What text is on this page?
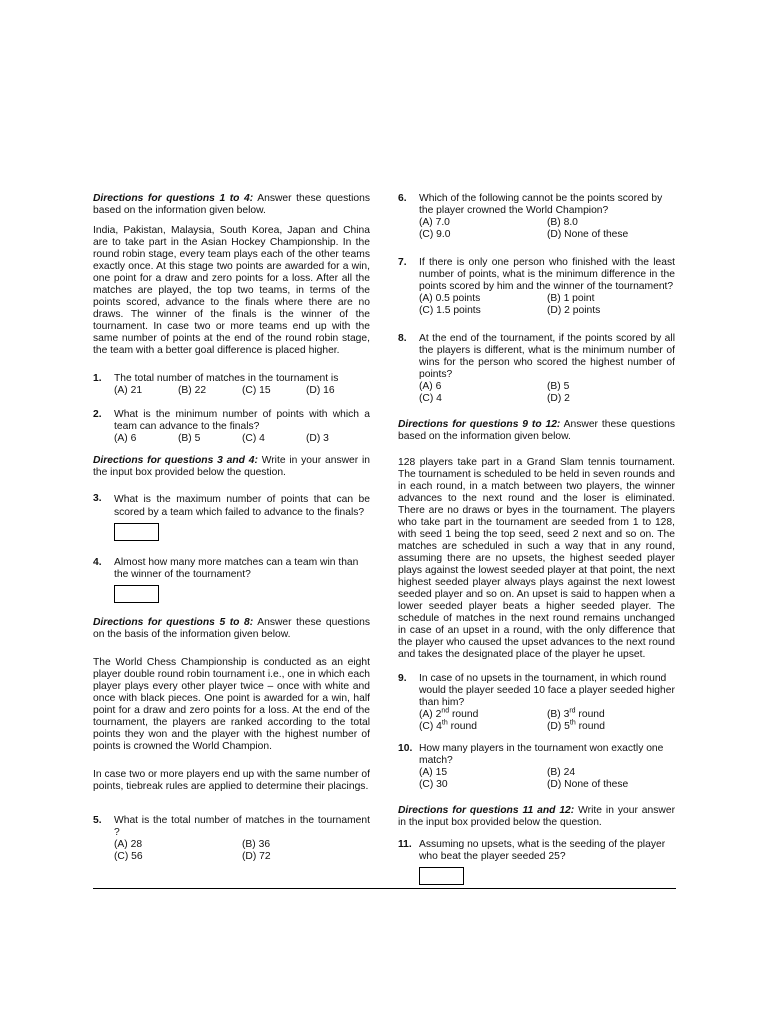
Directions for questions 1 to 4: Answer these questions based on the information given below.

India, Pakistan, Malaysia, South Korea, Japan and China are to take part in the Asian Hockey Championship. In the round robin stage, every team plays each of the other teams exactly once. At this stage two points are awarded for a win, one point for a draw and zero points for a loss. After all the matches are played, the top two teams, in terms of the points scored, advance to the finals where there are no draws. The winner of the finals is the winner of the tournament. In case two or more teams end up with the same number of points at the end of the round robin stage, the team with a better goal difference is placed higher.

1.	The total number of matches in the tournament is

(A) 21	(B) 22	(C) 15	(D) 16
2.	What is the minimum number of points with which a team can advance to the finals?

(A) 6	(B) 5	(C) 4	(D) 3

Directions for questions 3 and 4: Write in your answer in the input box provided below the question.

3.	What is the maximum number of points that can be scored by a team which failed to advance to the finals?

4.	Almost how many more matches can a team win than the winner of the tournament?

Directions for questions 5 to 8: Answer these questions on the basis of the information given below.

The World Chess Championship is conducted as an eight player double round robin tournament i.e., one in which each player plays every other player twice – once with white and once with black pieces. One point is awarded for a win, half point for a draw and zero points for a loss. At the end of the tournament, the players are ranked according to the total points they won and the player with the highest number of points is crowned the World Champion.

In case two or more players end up with the same number of points, tiebreak rules are applied to determine their placings.

5.	What is the total number of matches in the tournament ?

(A) 28	(B) 36
(C) 56	(D) 72
6.	Which of the following cannot be the points scored by the player crowned the World Champion?

(A) 7.0	(B) 8.0
(C) 9.0	(D) None of these
7.	If there is only one person who finished with the least number of points, what is the minimum difference in the points scored by him and the winner of the tournament?

(A) 0.5 points	(B) 1 point
(C) 1.5 points	(D) 2 points
8.	At the end of the tournament, if the points scored by all the players is different, what is the minimum number of wins for the person who scored the highest number of points?

(A) 6	(B) 5
(C) 4	(D) 2

Directions for questions 9 to 12: Answer these questions based on the information given below.

128 players take part in a Grand Slam tennis tournament. The tournament is scheduled to be held in seven rounds and in each round, in a match between two players, the winner advances to the next round and the loser is eliminated. There are no draws or byes in the tournament. The players who take part in the tournament are seeded from 1 to 128, with seed 1 being the top seed, seed 2 next and so on. The matches are scheduled in such a way that in any round, assuming there are no upsets, the highest seeded player plays against the lowest seeded player at that point, the next highest seeded player always plays against the next lowest seeded player and so on. An upset is said to happen when a lower seeded player beats a higher seeded player. The schedule of matches in the next round remains unchanged in case of an upset in a round, with the only difference that the player who caused the upset advances to the next round and takes the designated place of the player he upset.

9.	In case of no upsets in the tournament, in which round would the player seeded 10 face a player seeded higher than him?

(A) 2nd round	(B) 3rd round
(C) 4th round	(D) 5th round
10. How many players in the tournament won exactly one match?

(A) 15	(B) 24
(C) 30	(D) None of these

Directions for questions 11 and 12: Write in your answer in the input box provided below the question.

11. Assuming no upsets, what is the seeding of the player who beat the player seeded 25?
